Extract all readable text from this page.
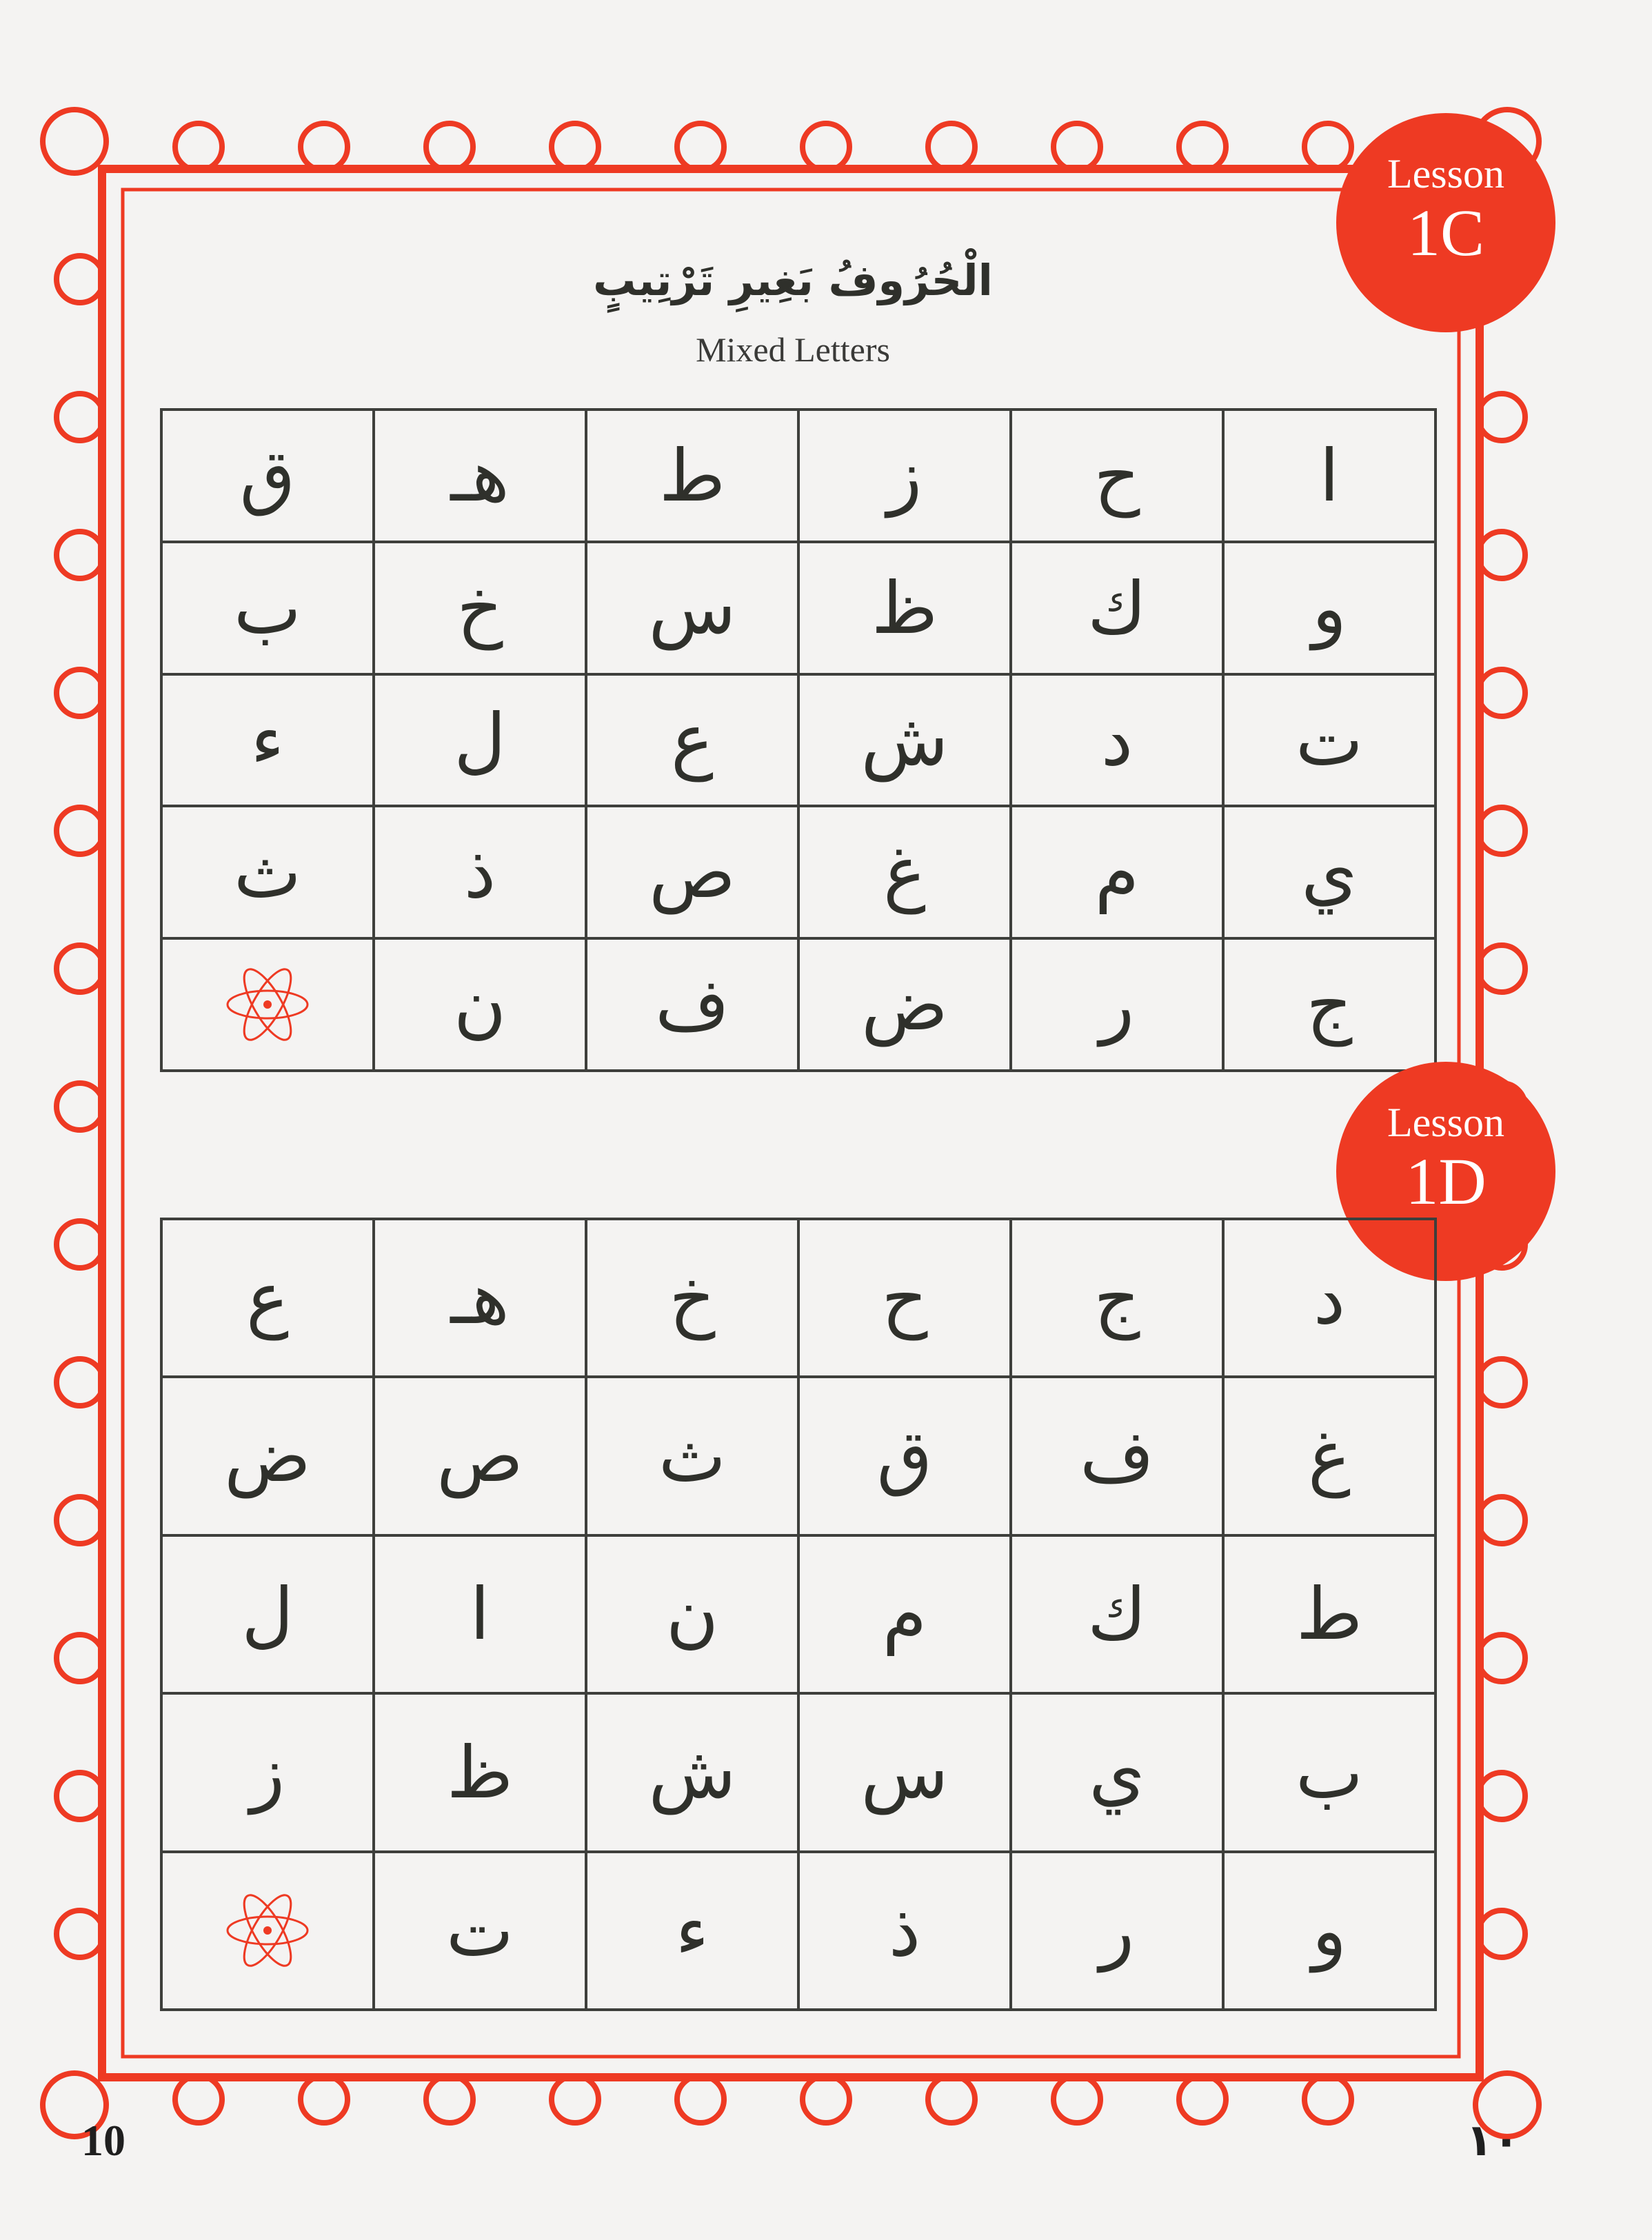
Lesson
1C
الْحُرُوفُ بَغِيرِ تَرْتِيبٍ
Mixed Letters
ا	ح	ز	ط	هـ	ق
و	ك	ظ	س	خ	ب
ت	د	ش	ع	ل	ء
ي	م	غ	ص	ذ	ث
ج	ر	ض	ف	ن	
Lesson
1D
د	ج	ح	خ	هـ	ع
غ	ف	ق	ث	ص	ض
ط	ك	م	ن	ا	ل
ب	ي	س	ش	ظ	ز
و	ر	ذ	ء	ت	
10	١٠
